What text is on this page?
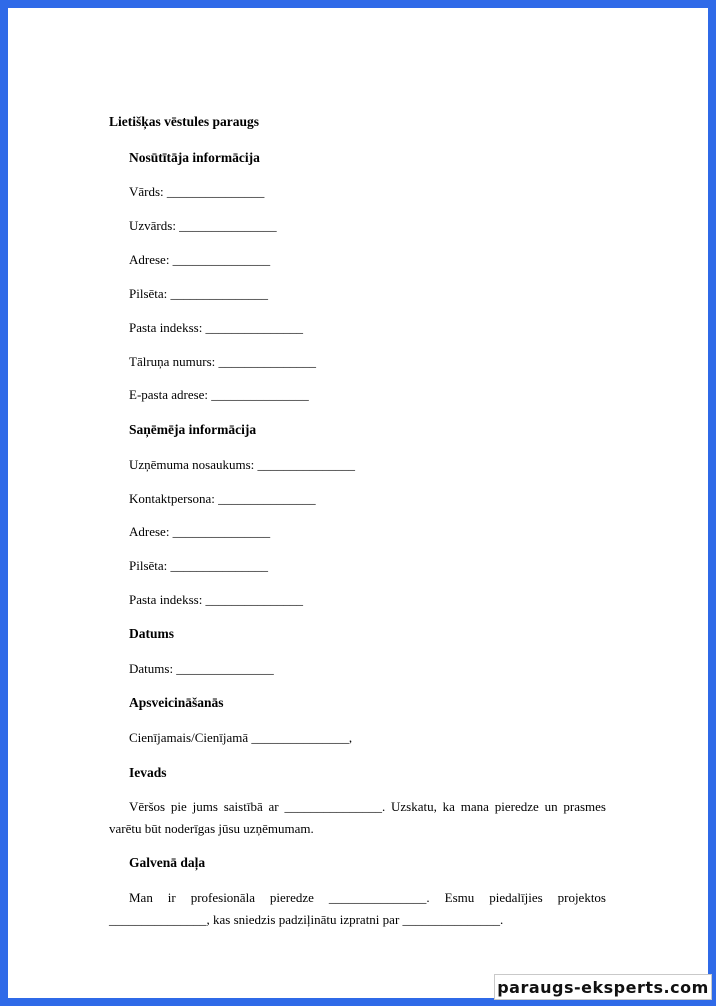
Lietišķas vēstules paraugs
Nosūtītāja informācija
Vārds: _______________
Uzvārds: _______________
Adrese: _______________
Pilsēta: _______________
Pasta indekss: _______________
Tālruņa numurs: _______________
E-pasta adrese: _______________
Saņēmēja informācija
Uzņēmuma nosaukums: _______________
Kontaktpersona: _______________
Adrese: _______________
Pilsēta: _______________
Pasta indekss: _______________
Datums
Datums: _______________
Apsveicināšanās
Cienījamais/Cienījamā _______________,
Ievads
Vēršos pie jums saistībā ar _______________. Uzskatu, ka mana pieredze un prasmes varētu būt noderīgas jūsu uzņēmumam.
Galvenā daļa
Man ir profesionāla pieredze _______________. Esmu piedalījies projektos _______________, kas sniedzis padziļinātu izpratni par _______________.
paraugs-eksperts.com
